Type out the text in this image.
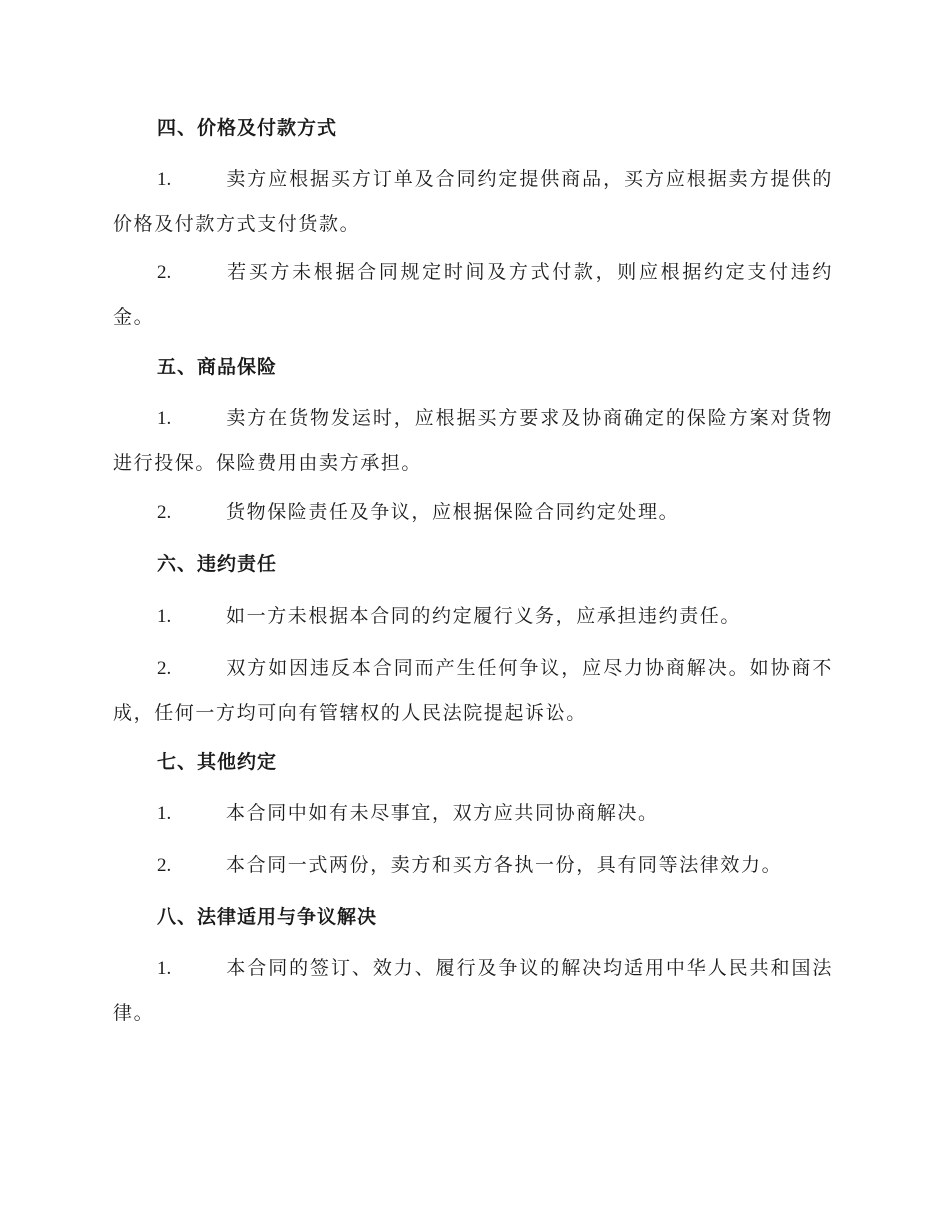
四、价格及付款方式

1.	卖方应根据买方订单及合同约定提供商品，买方应根据卖方提供的价格及付款方式支付货款。

2.	若买方未根据合同规定时间及方式付款，则应根据约定支付违约金。

五、商品保险

1.	卖方在货物发运时，应根据买方要求及协商确定的保险方案对货物进行投保。保险费用由卖方承担。

2.	货物保险责任及争议，应根据保险合同约定处理。

六、违约责任

1.	如一方未根据本合同的约定履行义务，应承担违约责任。

2.	双方如因违反本合同而产生任何争议，应尽力协商解决。如协商不成，任何一方均可向有管辖权的人民法院提起诉讼。

七、其他约定

1.	本合同中如有未尽事宜，双方应共同协商解决。

2.	本合同一式两份，卖方和买方各执一份，具有同等法律效力。

八、法律适用与争议解决

1.	本合同的签订、效力、履行及争议的解决均适用中华人民共和国法律。
